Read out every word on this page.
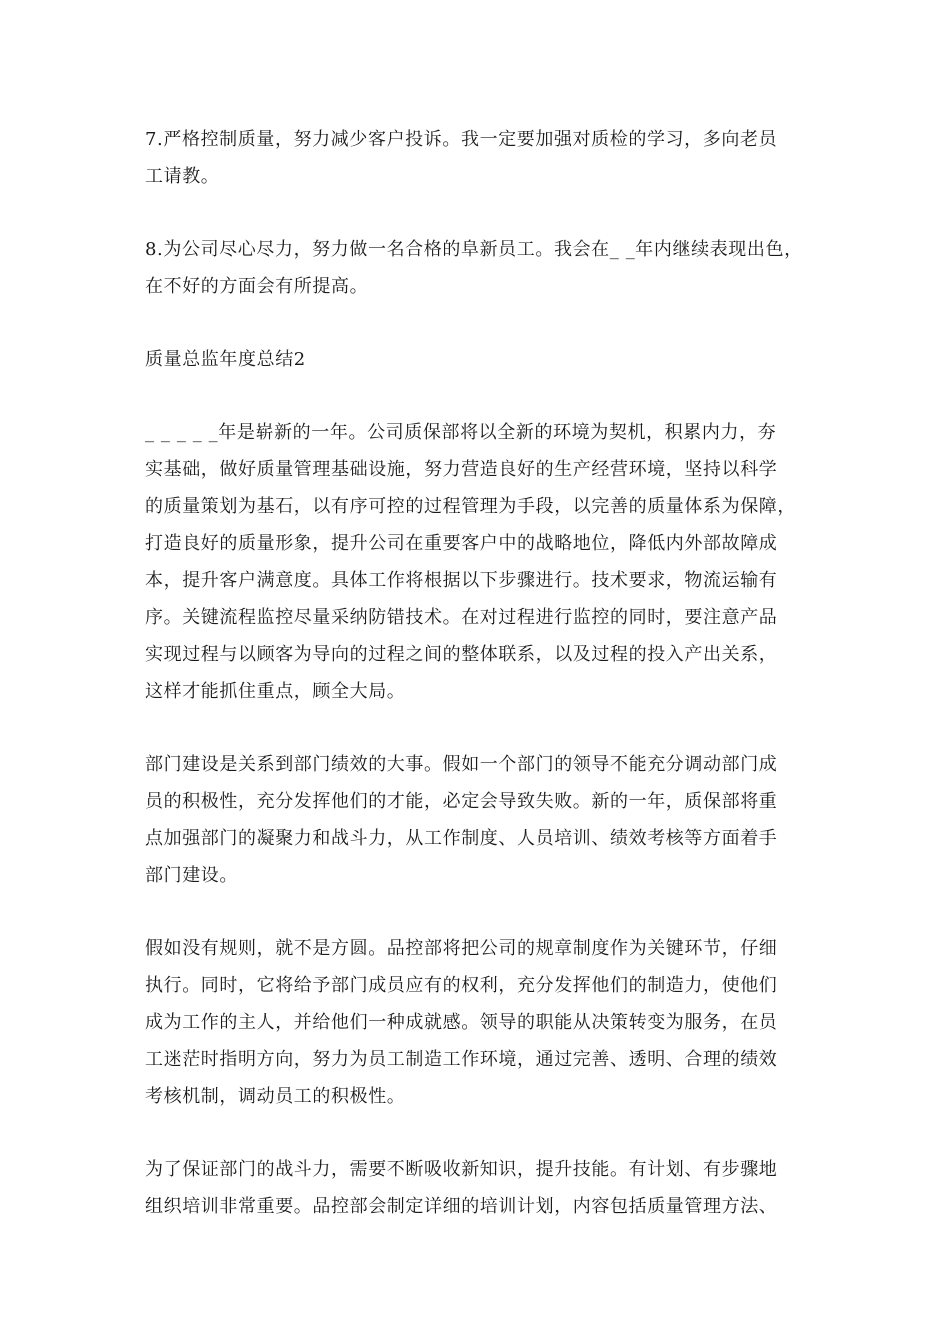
7.严格控制质量，努力减少客户投诉。我一定要加强对质检的学习，多向老员
工请教。
8.为公司尽心尽力，努力做一名合格的阜新员工。我会在_ _年内继续表现出色，
在不好的方面会有所提高。
质量总监年度总结2
_ _ _ _ _年是崭新的一年。公司质保部将以全新的环境为契机，积累内力，夯
实基础，做好质量管理基础设施，努力营造良好的生产经营环境，坚持以科学
的质量策划为基石，以有序可控的过程管理为手段，以完善的质量体系为保障，
打造良好的质量形象，提升公司在重要客户中的战略地位，降低内外部故障成
本，提升客户满意度。具体工作将根据以下步骤进行。技术要求，物流运输有
序。关键流程监控尽量采纳防错技术。在对过程进行监控的同时，要注意产品
实现过程与以顾客为导向的过程之间的整体联系，以及过程的投入产出关系，
这样才能抓住重点，顾全大局。
部门建设是关系到部门绩效的大事。假如一个部门的领导不能充分调动部门成
员的积极性，充分发挥他们的才能，必定会导致失败。新的一年，质保部将重
点加强部门的凝聚力和战斗力，从工作制度、人员培训、绩效考核等方面着手
部门建设。
假如没有规则，就不是方圆。品控部将把公司的规章制度作为关键环节，仔细
执行。同时，它将给予部门成员应有的权利，充分发挥他们的制造力，使他们
成为工作的主人，并给他们一种成就感。领导的职能从决策转变为服务，在员
工迷茫时指明方向，努力为员工制造工作环境，通过完善、透明、合理的绩效
考核机制，调动员工的积极性。
为了保证部门的战斗力，需要不断吸收新知识，提升技能。有计划、有步骤地
组织培训非常重要。品控部会制定详细的培训计划，内容包括质量管理方法、
